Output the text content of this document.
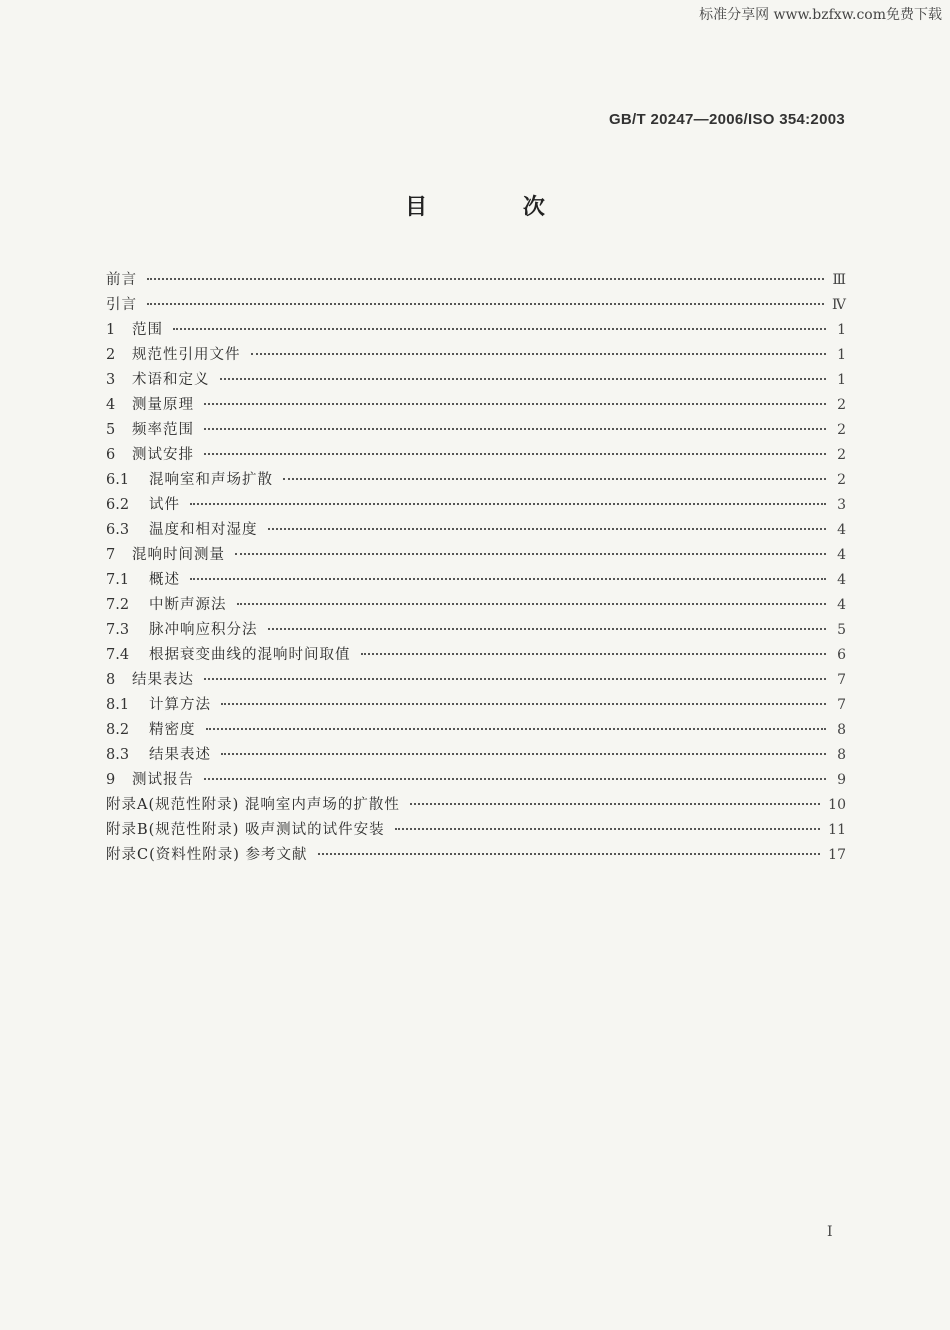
标准分享网 www.bzfxw.com免费下载
GB/T 20247—2006/ISO 354:2003
目 次
前言	Ⅲ
引言	Ⅳ
1	范围	1
2	规范性引用文件	1
3	术语和定义	1
4	测量原理	2
5	频率范围	2
6	测试安排	2
6.1	混响室和声场扩散	2
6.2	试件	3
6.3	温度和相对湿度	4
7	混响时间测量	4
7.1	概述	4
7.2	中断声源法	4
7.3	脉冲响应积分法	5
7.4	根据衰变曲线的混响时间取值	6
8	结果表达	7
8.1	计算方法	7
8.2	精密度	8
8.3	结果表述	8
9	测试报告	9
附录A(规范性附录) 混响室内声场的扩散性	10
附录B(规范性附录) 吸声测试的试件安装	11
附录C(资料性附录) 参考文献	17
I
